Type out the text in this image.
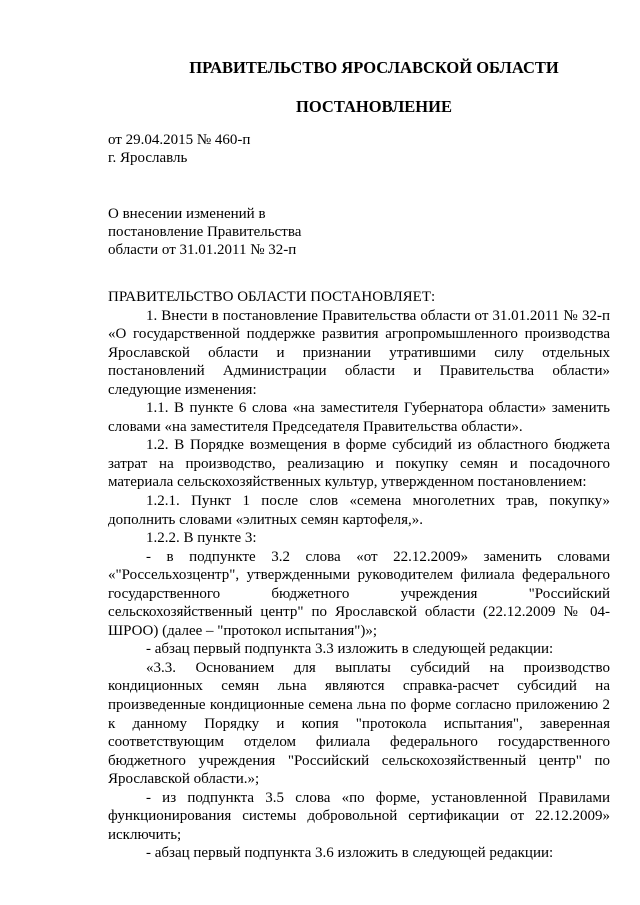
ПРАВИТЕЛЬСТВО ЯРОСЛАВСКОЙ ОБЛАСТИ
ПОСТАНОВЛЕНИЕ
от 29.04.2015 № 460-п
г. Ярославль
О внесении изменений в
постановление Правительства
области от 31.01.2011 № 32-п

ПРАВИТЕЛЬСТВО ОБЛАСТИ ПОСТАНОВЛЯЕТ:

1. Внести в постановление Правительства области от 31.01.2011 № 32-п «О государственной поддержке развития агропромышленного производства Ярославской области и признании утратившими силу отдельных постановлений Администрации области и Правительства области» следующие изменения:

1.1. В пункте 6 слова «на заместителя Губернатора области» заменить словами «на заместителя Председателя Правительства области».

1.2. В Порядке возмещения в форме субсидий из областного бюджета затрат на производство, реализацию и покупку семян и посадочного материала сельскохозяйственных культур, утвержденном постановлением:

1.2.1. Пункт 1 после слов «семена многолетних трав, покупку» дополнить словами «элитных семян картофеля,».

1.2.2. В пункте 3:

- в подпункте 3.2 слова «от 22.12.2009» заменить словами «"Россельхозцентр", утвержденными руководителем филиала федерального государственного бюджетного учреждения "Российский сельскохозяйственный центр" по Ярославской области (22.12.2009 № 04-ШРОО) (далее – "протокол испытания")»;

- абзац первый подпункта 3.3 изложить в следующей редакции:

«3.3. Основанием для выплаты субсидий на производство кондиционных семян льна являются справка-расчет субсидий на произведенные кондиционные семена льна по форме согласно приложению 2 к данному Порядку и копия "протокола испытания", заверенная соответствующим отделом филиала федерального государственного бюджетного учреждения "Российский сельскохозяйственный центр" по Ярославской области.»;

- из подпункта 3.5 слова «по форме, установленной Правилами функционирования системы добровольной сертификации от 22.12.2009» исключить;

- абзац первый подпункта 3.6 изложить в следующей редакции:
